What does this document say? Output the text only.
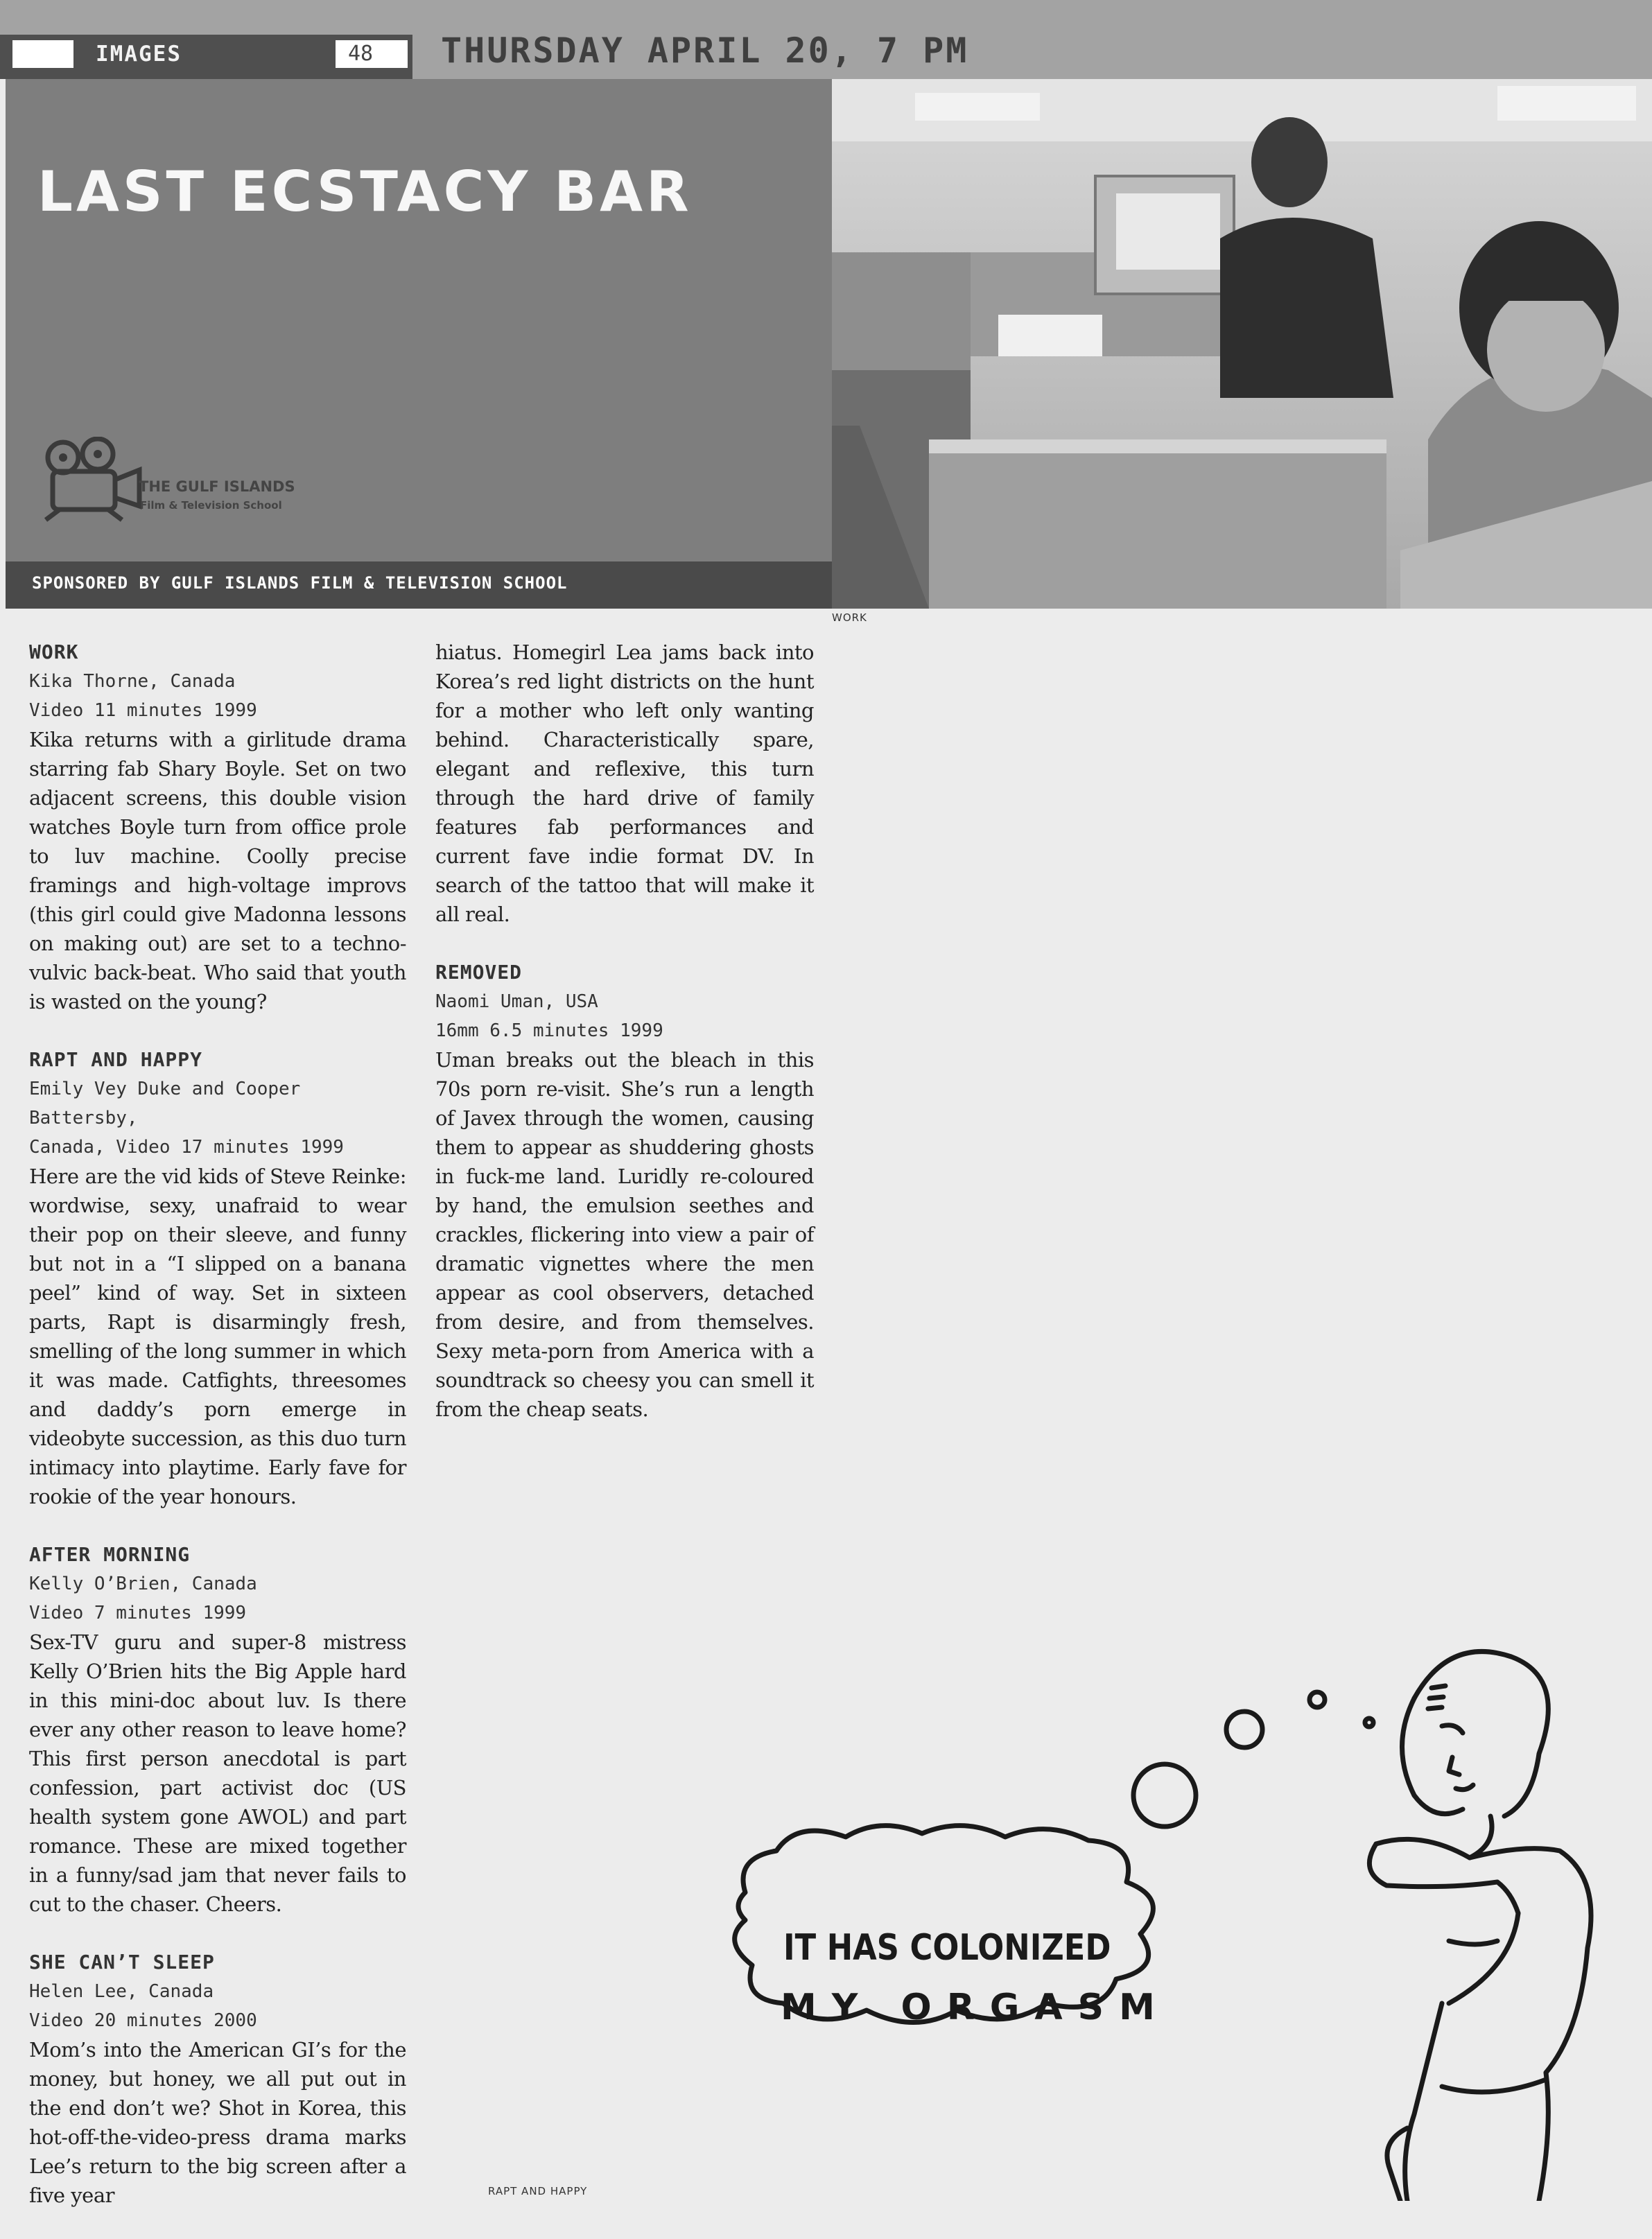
IMAGES	48	THURSDAY APRIL 20, 7 PM
LAST ECSTACY BAR
THE GULF ISLANDS
Film & Television School
SPONSORED BY GULF ISLANDS FILM & TELEVISION SCHOOL
WORK
WORK
Kika Thorne, Canada
Video 11 minutes 1999
Kika returns with a girlitude drama starring fab Shary Boyle. Set on two adjacent screens, this double vision watches Boyle turn from office prole to luv machine. Coolly precise framings and high-voltage improvs (this girl could give Madonna lessons on making out) are set to a techno-vulvic back-beat. Who said that youth is wasted on the young?
RAPT AND HAPPY
Emily Vey Duke and Cooper Battersby,
Canada, Video 17 minutes 1999
Here are the vid kids of Steve Reinke: wordwise, sexy, unafraid to wear their pop on their sleeve, and funny but not in a “I slipped on a banana peel” kind of way. Set in sixteen parts, Rapt is disarmingly fresh, smelling of the long summer in which it was made. Catfights, threesomes and daddy’s porn emerge in videobyte succession, as this duo turn intimacy into playtime. Early fave for rookie of the year honours.
AFTER MORNING
Kelly O’Brien, Canada
Video 7 minutes 1999
Sex-TV guru and super-8 mistress Kelly O’Brien hits the Big Apple hard in this mini-doc about luv. Is there ever any other reason to leave home? This first person anecdotal is part confession, part activist doc (US health system gone AWOL) and part romance. These are mixed together in a funny/sad jam that never fails to cut to the chaser. Cheers.
SHE CAN’T SLEEP
Helen Lee, Canada
Video 20 minutes 2000
Mom’s into the American GI’s for the money, but honey, we all put out in the end don’t we? Shot in Korea, this hot-off-the-video-press drama marks Lee’s return to the big screen after a five year
hiatus. Homegirl Lea jams back into Korea’s red light districts on the hunt for a mother who left only wanting behind. Characteristically spare, elegant and reflexive, this turn through the hard drive of family features fab performances and current fave indie format DV. In search of the tattoo that will make it all real.
REMOVED
Naomi Uman, USA
16mm 6.5 minutes 1999
Uman breaks out the bleach in this 70s porn re-visit. She’s run a length of Javex through the women, causing them to appear as shuddering ghosts in fuck-me land. Luridly re-coloured by hand, the emulsion seethes and crackles, flickering into view a pair of dramatic vignettes where the men appear as cool observers, detached from desire, and from themselves. Sexy meta-porn from America with a soundtrack so cheesy you can smell it from the cheap seats.
IT HAS COLONIZED
MY ORGASM
RAPT AND HAPPY
